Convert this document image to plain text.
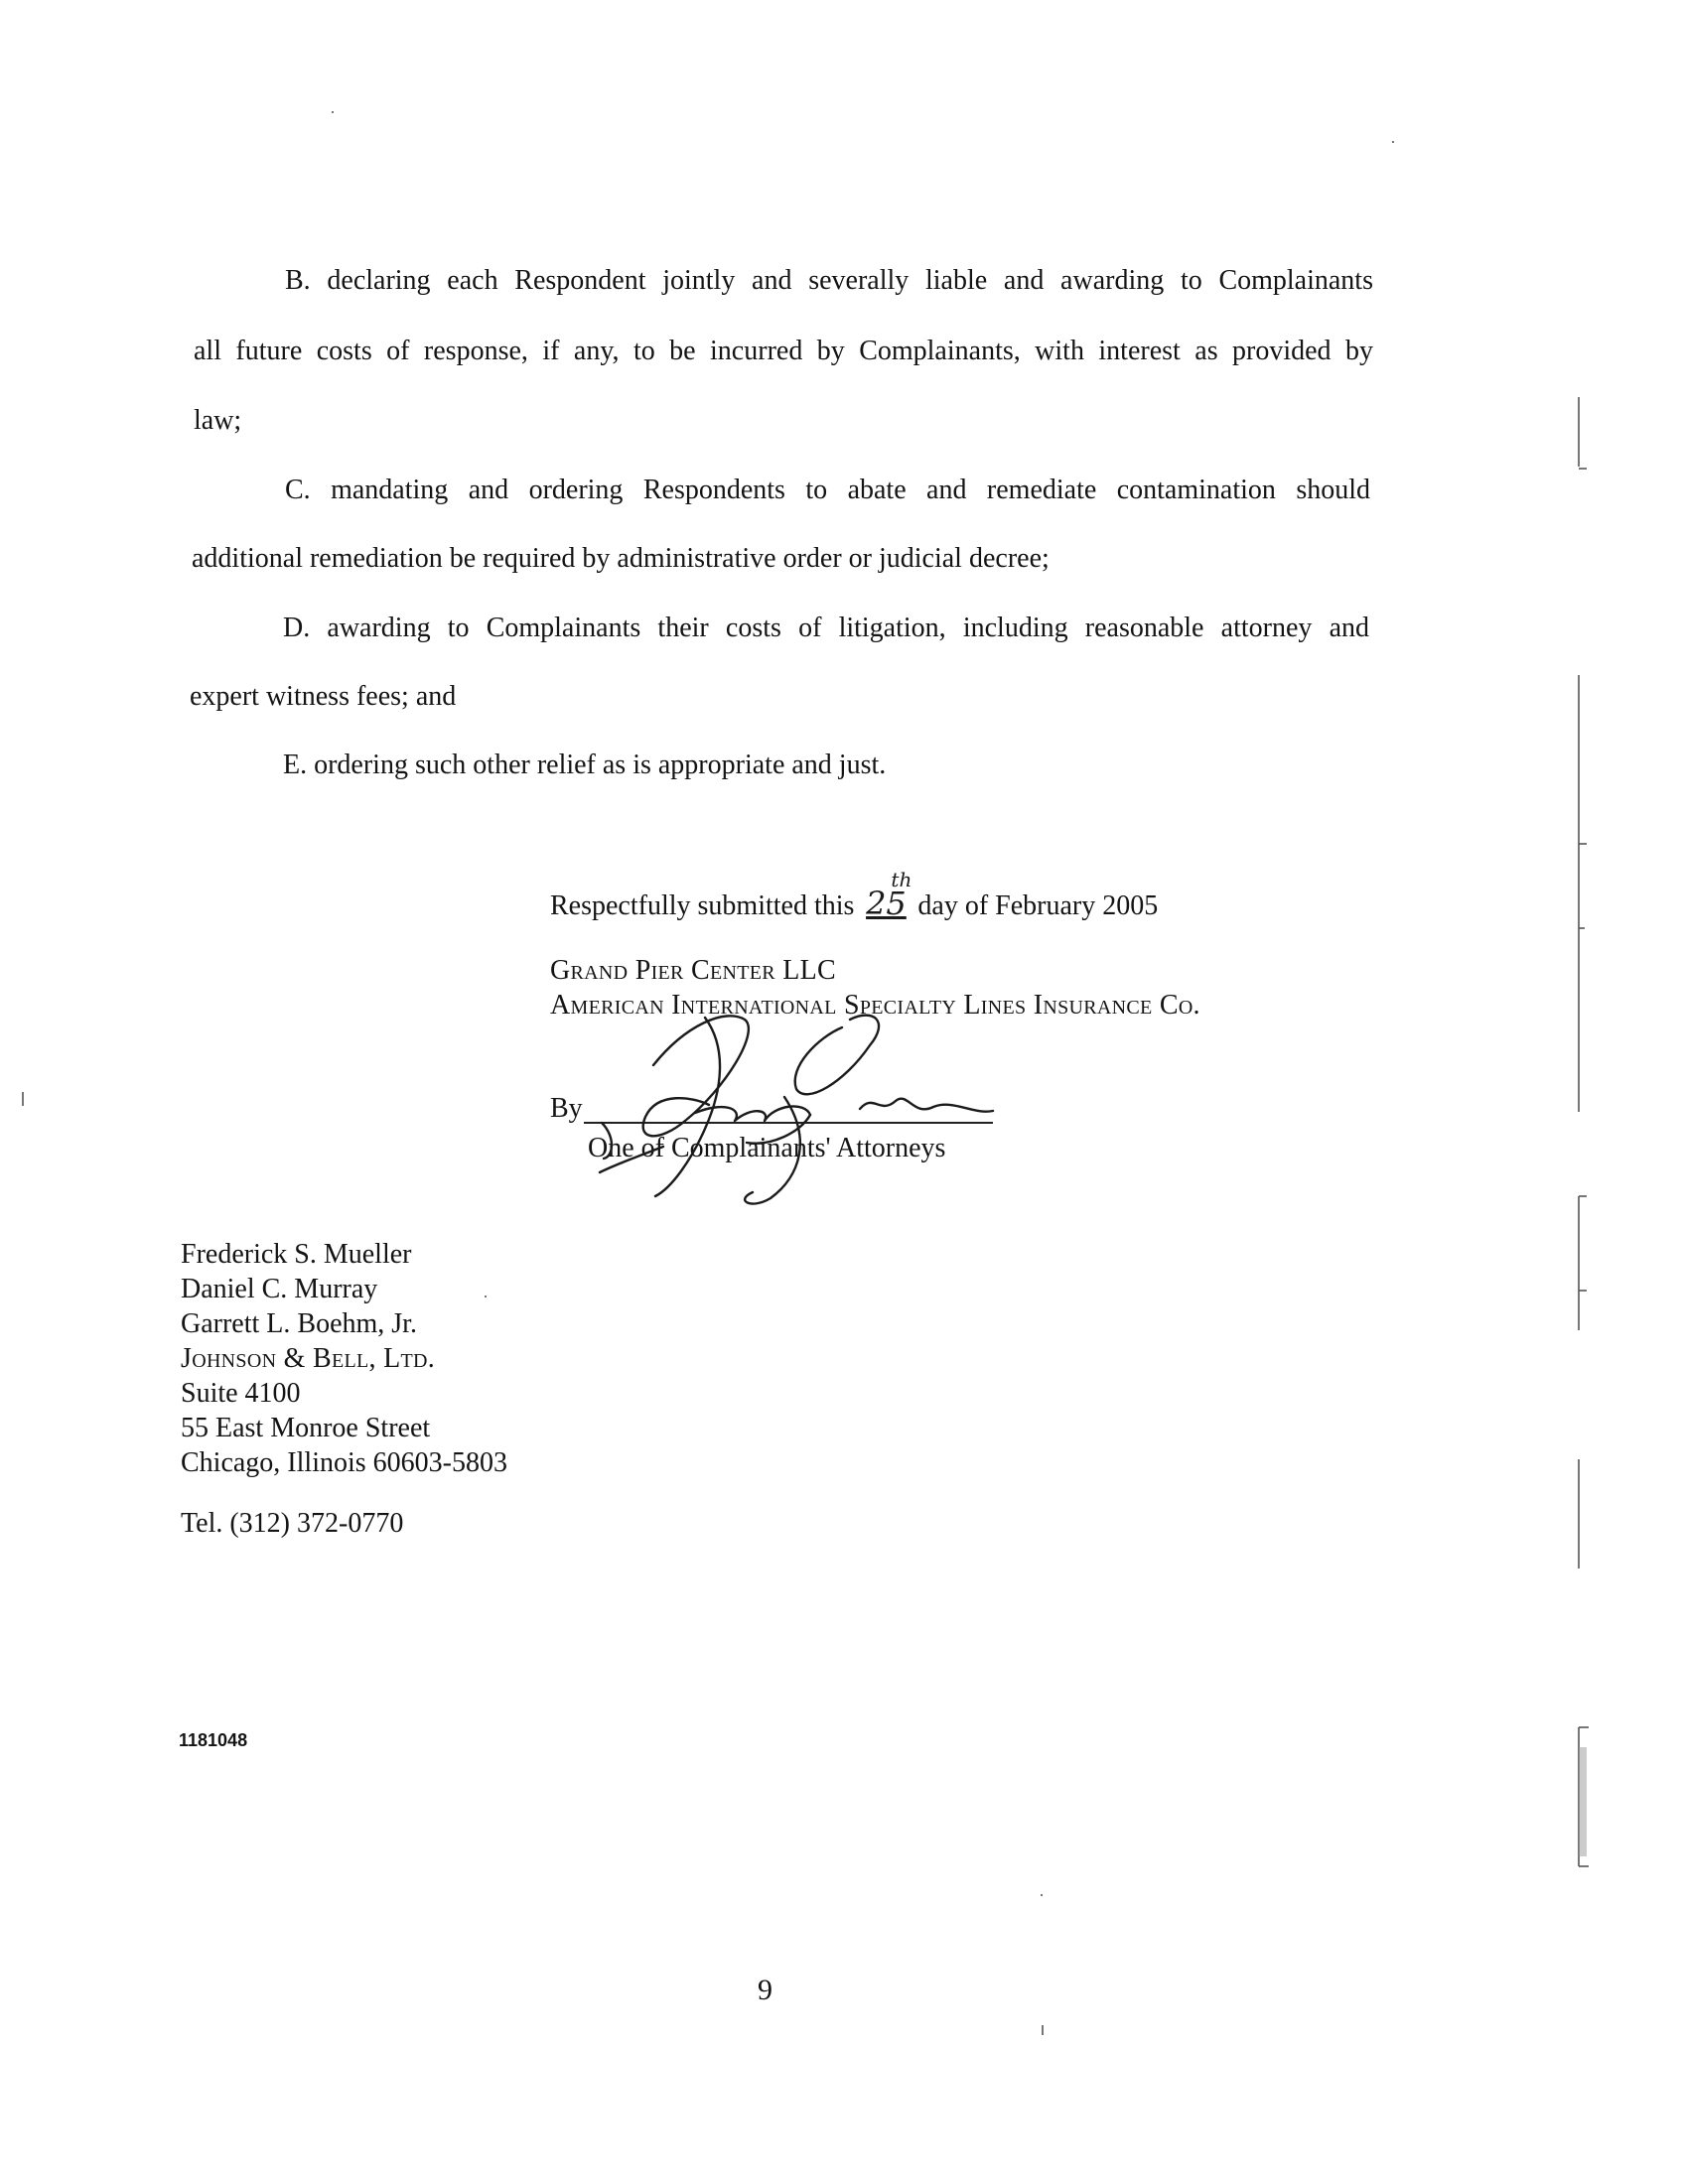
B. declaring each Respondent jointly and severally liable and awarding to Complainants

all future costs of response, if any, to be incurred by Complainants, with interest as provided by

law;

C. mandating and ordering Respondents to abate and remediate contamination should

additional remediation be required by administrative order or judicial decree;

D. awarding to Complainants their costs of litigation, including reasonable attorney and

expert witness fees; and

E. ordering such other relief as is appropriate and just.

Respectfully submitted this 25
th
day of February 2005
Grand Pier Center LLC
American International Specialty Lines Insurance Co.
By
One of Complainants' Attorneys
Frederick S. Mueller
Daniel C. Murray
Garrett L. Boehm, Jr.
Johnson & Bell, Ltd.
Suite 4100
55 East Monroe Street
Chicago, Illinois 60603-5803
Tel. (312) 372-0770
1181048
9
